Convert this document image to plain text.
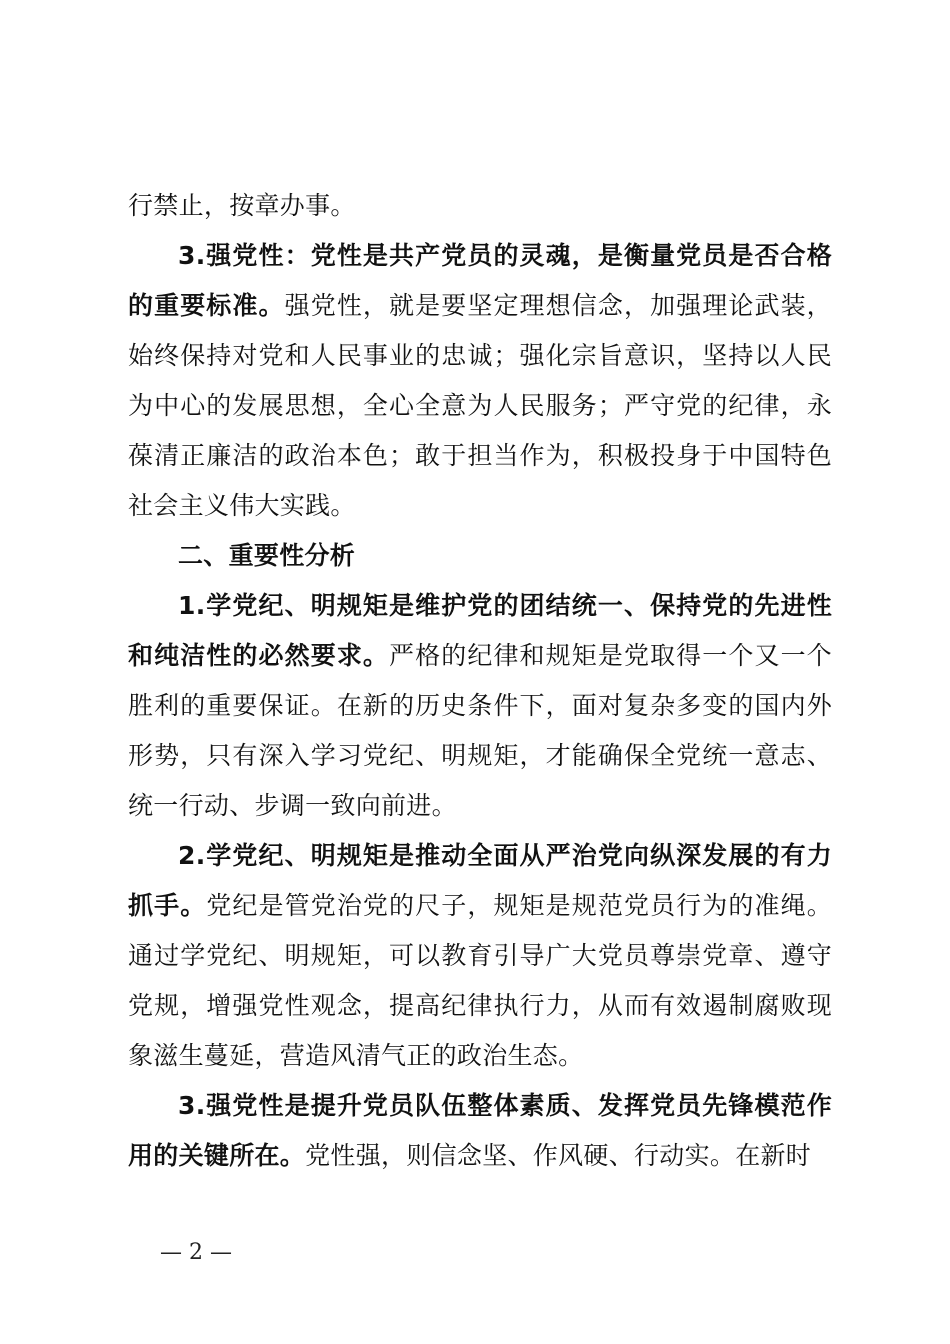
行禁止，按章办事。

3.强党性：党性是共产党员的灵魂，是衡量党员是否合格的重要标准。强党性，就是要坚定理想信念，加强理论武装，始终保持对党和人民事业的忠诚；强化宗旨意识，坚持以人民为中心的发展思想，全心全意为人民服务；严守党的纪律，永葆清正廉洁的政治本色；敢于担当作为，积极投身于中国特色社会主义伟大实践。

二、重要性分析

1.学党纪、明规矩是维护党的团结统一、保持党的先进性和纯洁性的必然要求。严格的纪律和规矩是党取得一个又一个胜利的重要保证。在新的历史条件下，面对复杂多变的国内外形势，只有深入学习党纪、明规矩，才能确保全党统一意志、统一行动、步调一致向前进。

2.学党纪、明规矩是推动全面从严治党向纵深发展的有力抓手。党纪是管党治党的尺子，规矩是规范党员行为的准绳。通过学党纪、明规矩，可以教育引导广大党员尊崇党章、遵守党规，增强党性观念，提高纪律执行力，从而有效遏制腐败现象滋生蔓延，营造风清气正的政治生态。

3.强党性是提升党员队伍整体素质、发挥党员先锋模范作用的关键所在。党性强，则信念坚、作风硬、行动实。在新时

— 2 —
